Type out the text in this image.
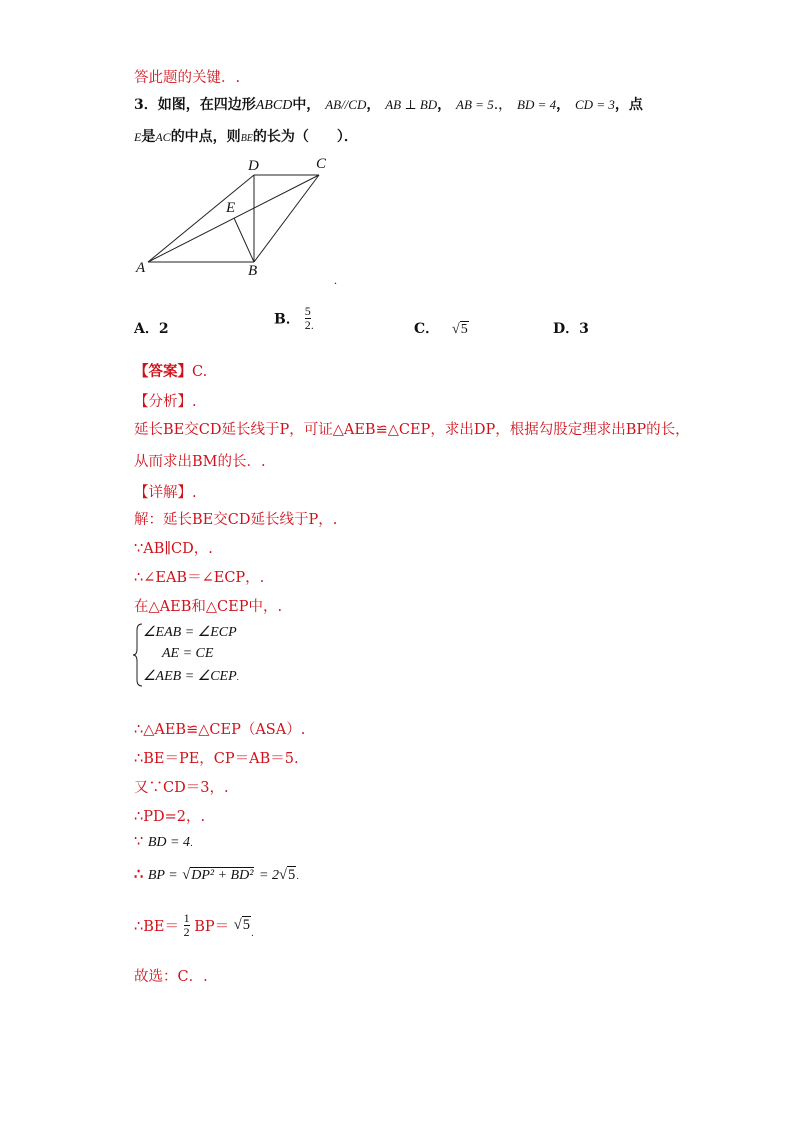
答此题的关键．.
3．如图，在四边形ABCD中， AB//CD， AB ⊥ BD， AB = 5.， BD = 4， CD = 3，点
E是AC的中点，则BE的长为（　　）．
A	B
C
D
E
.
A．2
B． $\frac{5}{2}$ .	C． √5	D．3
【答案】C.
【分析】.
延长BE交CD延长线于P，可证△AEB≌△CEP，求出DP，根据勾股定理求出BP的长，
从而求出BM的长．.
【详解】.
解：延长BE交CD延长线于P，.
∵AB∥CD，.
∴∠EAB＝∠ECP，.
在△AEB和△CEP中，.
∠EAB = ∠ECP
AE = CE
∠AEB = ∠CEP.
∴△AEB≌△CEP（ASA）.
∴BE＝PE，CP＝AB＝5.
又∵CD＝3，.
∴PD=2，.
∵ BD = 4.
∴ BP = √DP² + BD² = 2√5.
∴BE＝ $\frac{1}{2} BP= √5$.
故选：C．.
